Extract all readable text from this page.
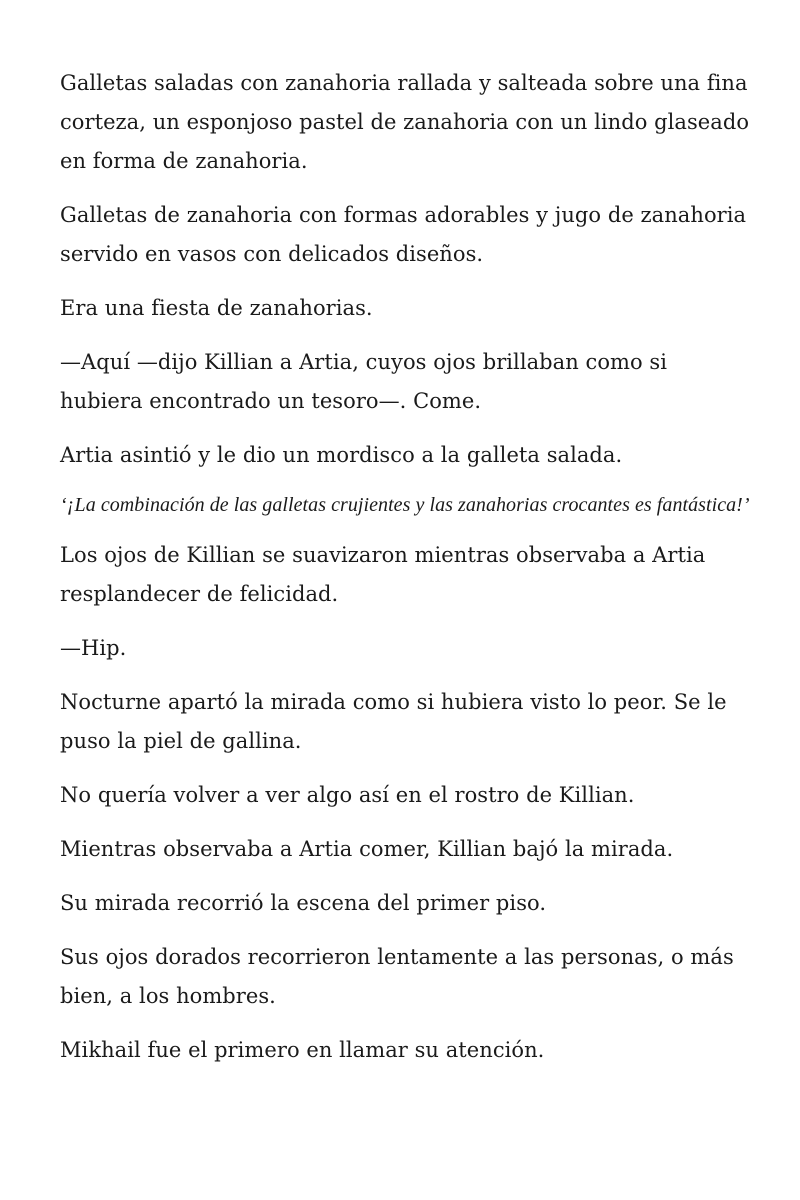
Galletas saladas con zanahoria rallada y salteada sobre una fina corteza, un esponjoso pastel de zanahoria con un lindo glaseado en forma de zanahoria.

Galletas de zanahoria con formas adorables y jugo de zanahoria servido en vasos con delicados diseños.

Era una fiesta de zanahorias.

—Aquí —dijo Killian a Artia, cuyos ojos brillaban como si hubiera encontrado un tesoro—. Come.

Artia asintió y le dio un mordisco a la galleta salada.

‘¡La combinación de las galletas crujientes y las zanahorias crocantes es fantástica!’

Los ojos de Killian se suavizaron mientras observaba a Artia resplandecer de felicidad.

—Hip.

Nocturne apartó la mirada como si hubiera visto lo peor. Se le puso la piel de gallina.

No quería volver a ver algo así en el rostro de Killian.

Mientras observaba a Artia comer, Killian bajó la mirada.

Su mirada recorrió la escena del primer piso.

Sus ojos dorados recorrieron lentamente a las personas, o más bien, a los hombres.

Mikhail fue el primero en llamar su atención.
